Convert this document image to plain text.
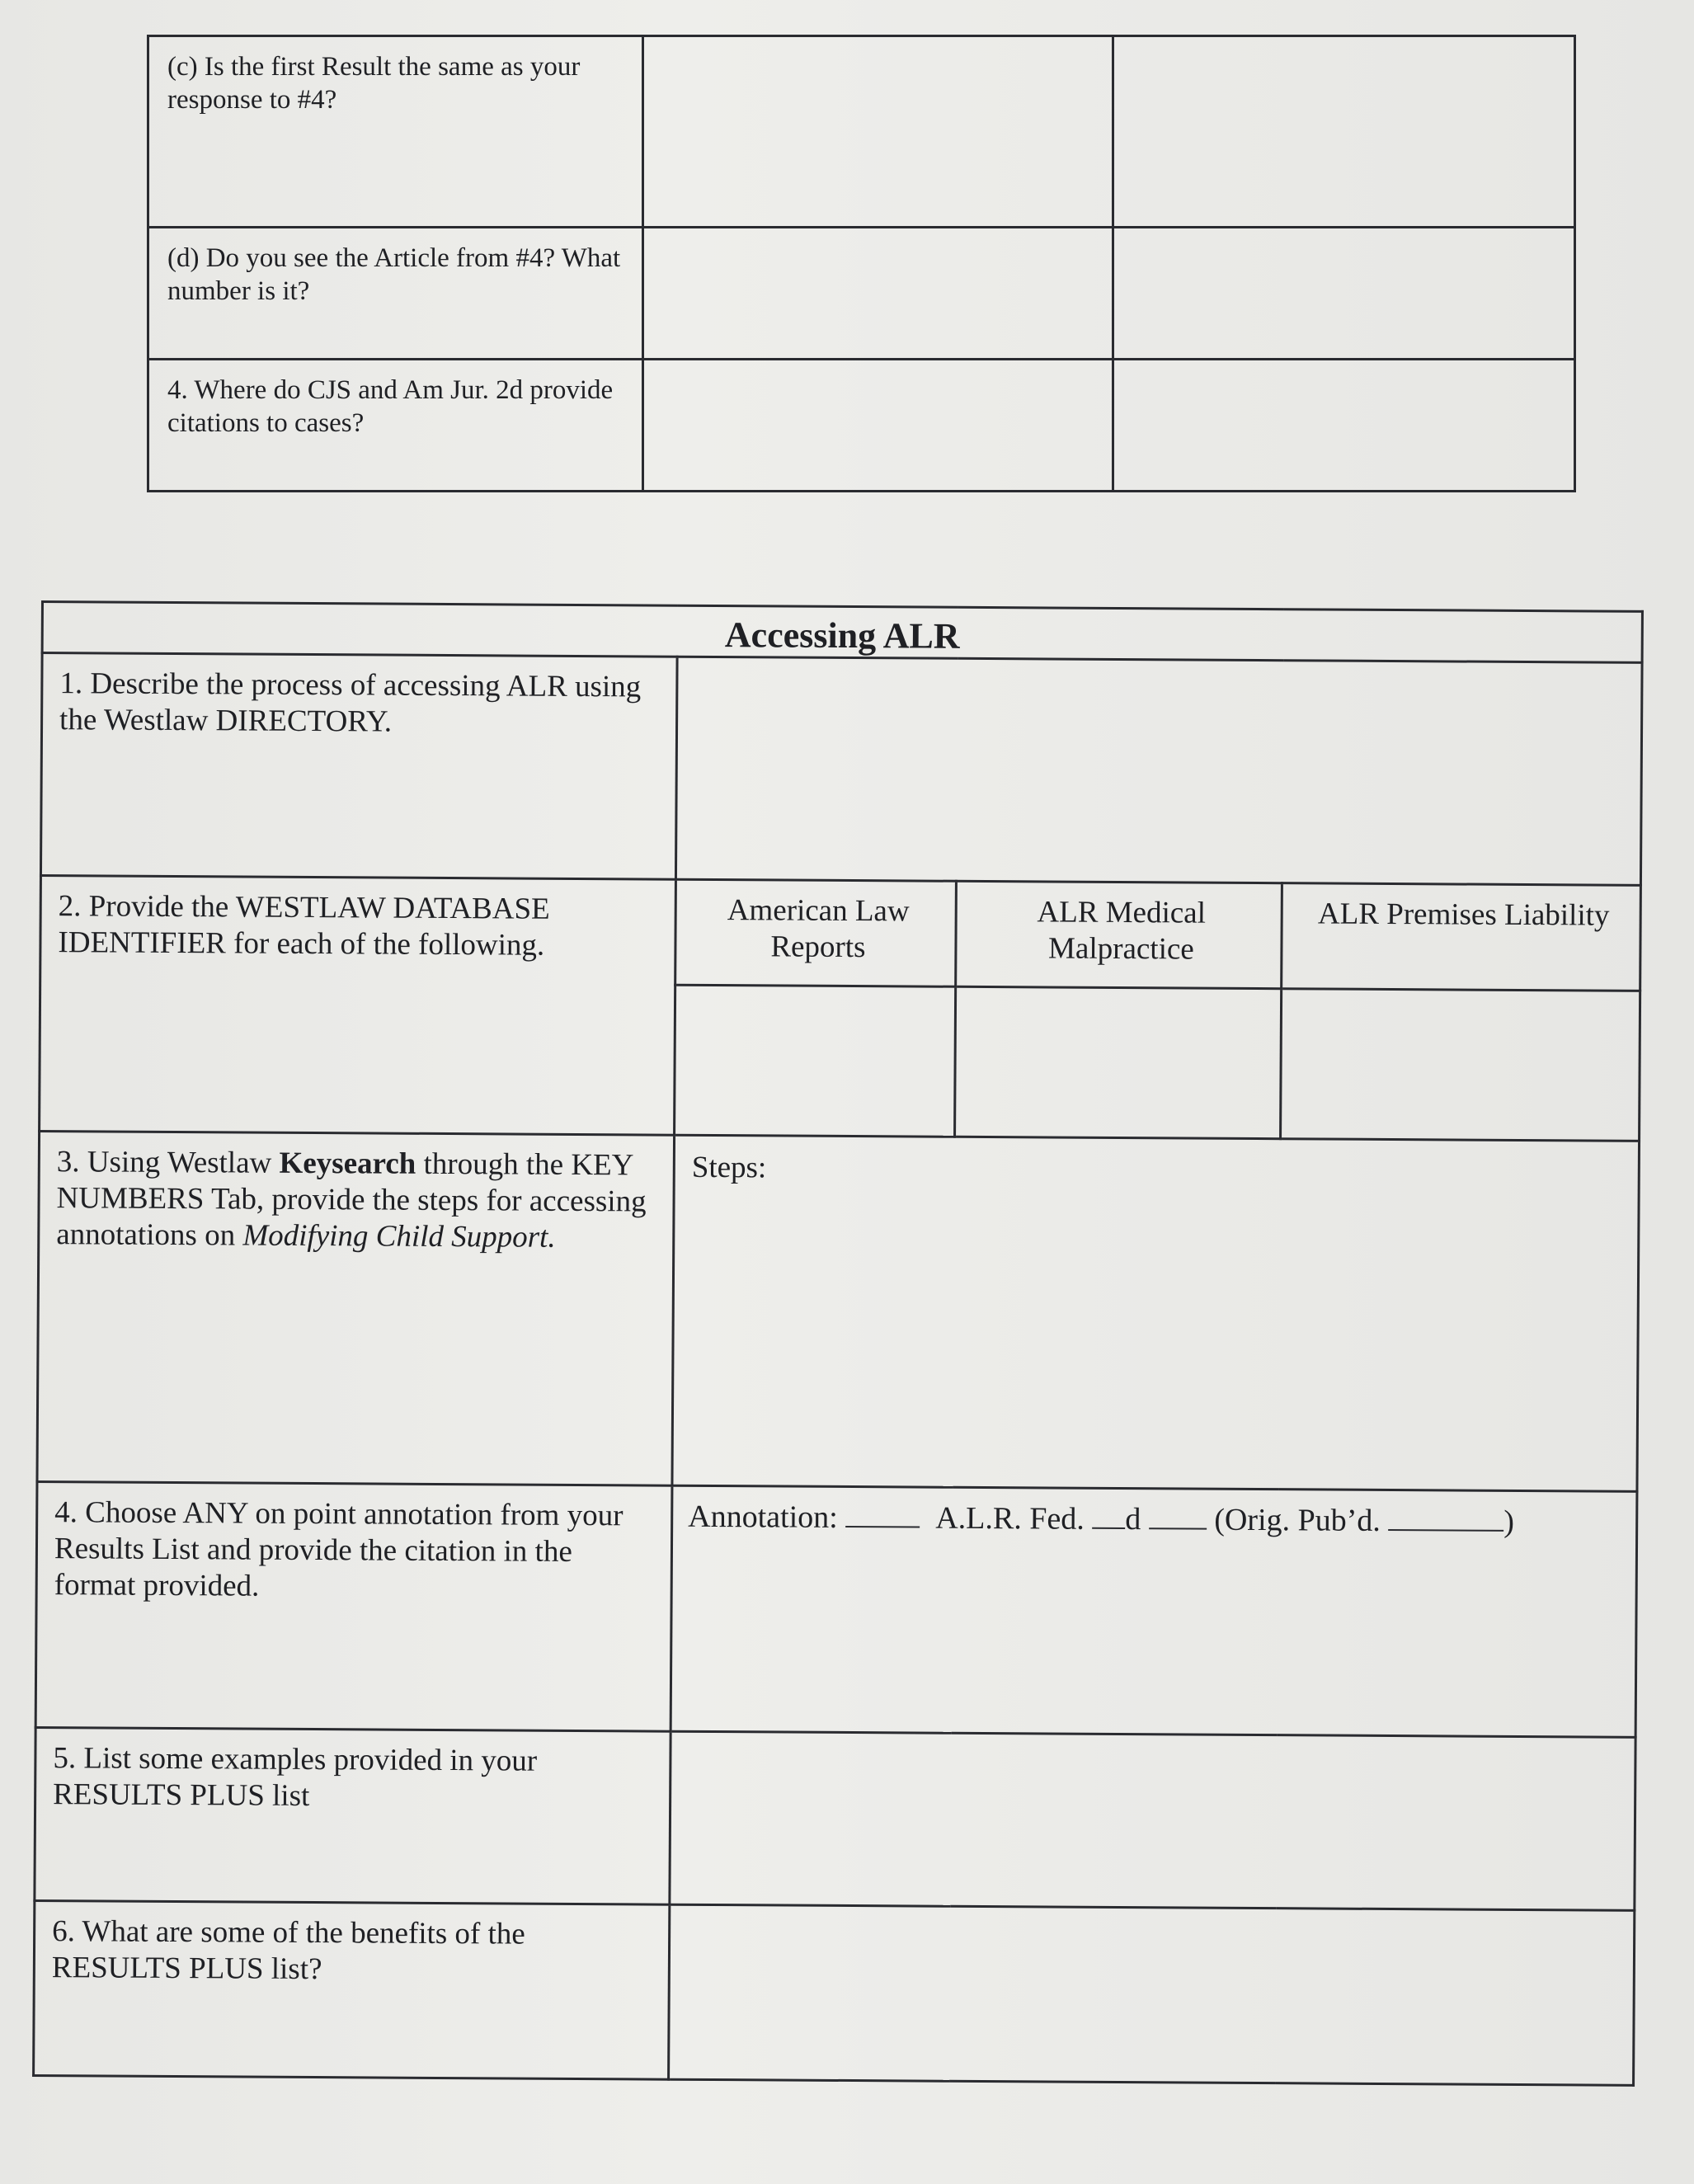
(c) Is the first Result the same as your response to #4?		
(d) Do you see the Article from #4? What number is it?		
4. Where do CJS and Am Jur. 2d provide citations to cases?		
Accessing ALR			
1. Describe the process of accessing ALR using the Westlaw DIRECTORY.			
2. Provide the WESTLAW DATABASE IDENTIFIER for each of the following.	American Law Reports	ALR Medical Malpractice	ALR Premises Liability

3. Using Westlaw Keysearch through the KEY NUMBERS Tab, provide the steps for accessing annotations on Modifying Child Support.	Steps:		
4. Choose ANY on point annotation from your Results List and provide the citation in the format provided.	Annotation: A.L.R. Fed. d (Orig. Pub’d. )		
5. List some examples provided in your RESULTS PLUS list			
6. What are some of the benefits of the RESULTS PLUS list?			
